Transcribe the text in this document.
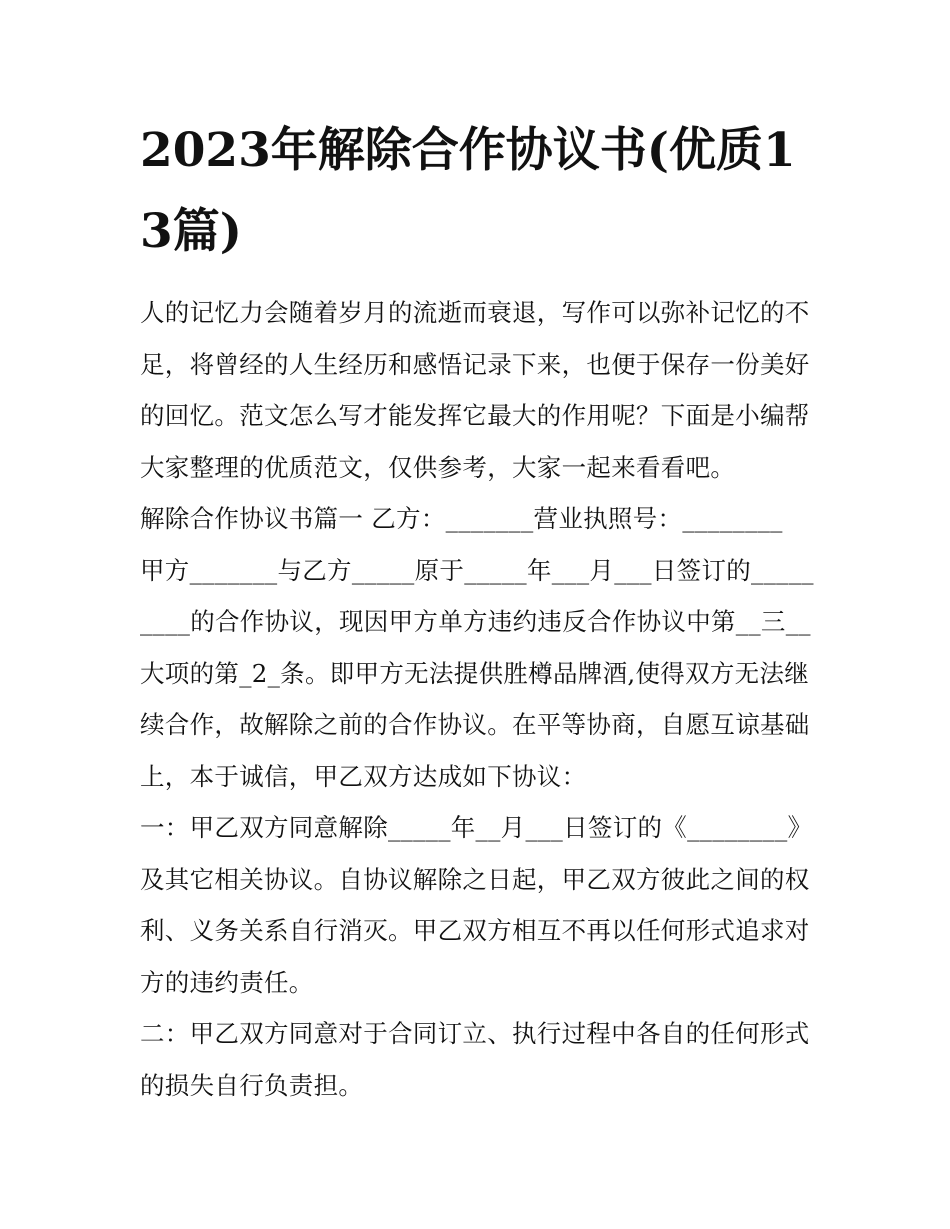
2023年解除合作协议书(优质13篇)

人的记忆力会随着岁月的流逝而衰退，写作可以弥补记忆的不足，将曾经的人生经历和感悟记录下来，也便于保存一份美好的回忆。范文怎么写才能发挥它最大的作用呢？下面是小编帮大家整理的优质范文，仅供参考，大家一起来看看吧。

解除合作协议书篇一 乙方：_______营业执照号：________

甲方_______与乙方_____原于_____年___月___日签订的_________的合作协议，现因甲方单方违约违反合作协议中第__三__大项的第_2_条。即甲方无法提供胜樽品牌酒,使得双方无法继续合作，故解除之前的合作协议。在平等协商，自愿互谅基础上，本于诚信，甲乙双方达成如下协议：

一：甲乙双方同意解除_____年__月___日签订的《________》及其它相关协议。自协议解除之日起，甲乙双方彼此之间的权利、义务关系自行消灭。甲乙双方相互不再以任何形式追求对方的违约责任。

二：甲乙双方同意对于合同订立、执行过程中各自的任何形式的损失自行负责担。
